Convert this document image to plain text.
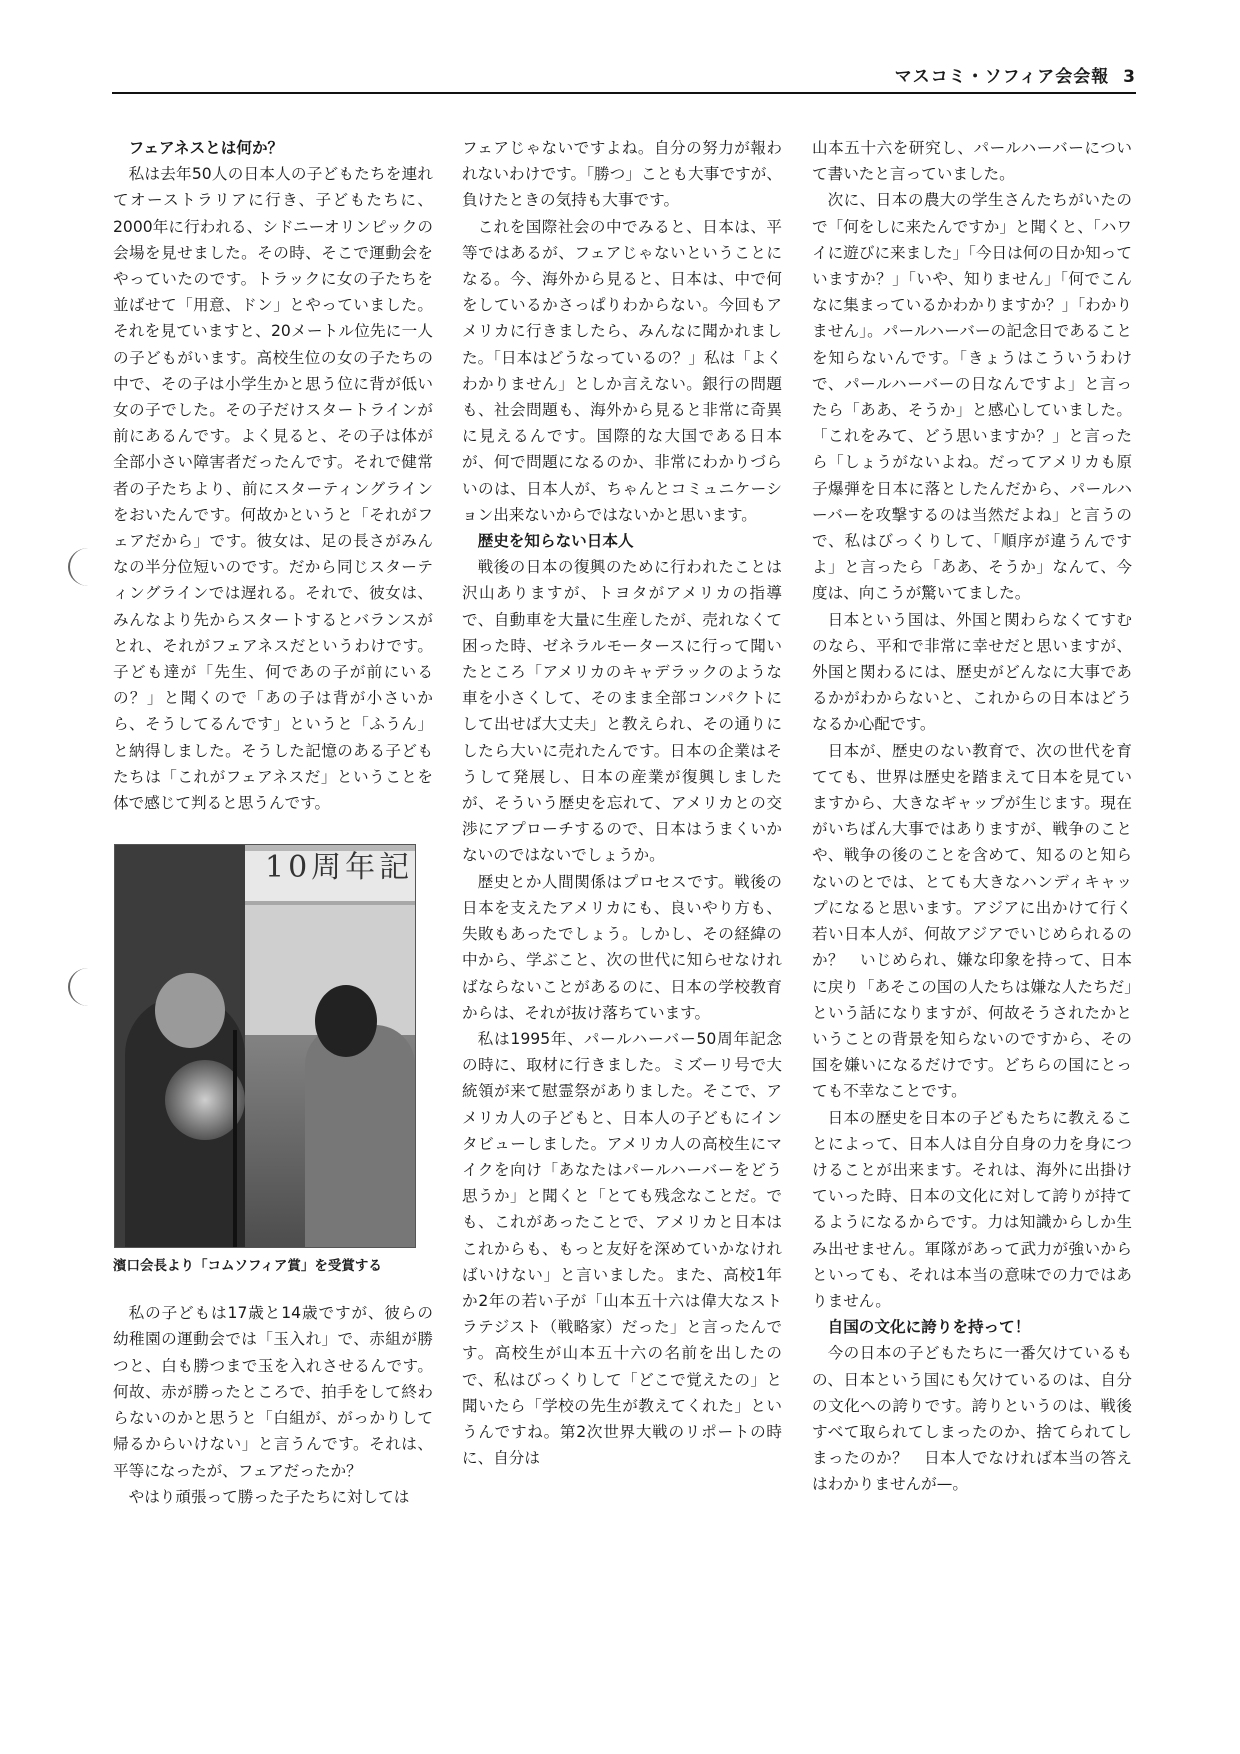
マスコミ・ソフィア会会報 3
フェアネスとは何か？

私は去年50人の日本人の子どもたちを連れてオーストラリアに行き、子どもたちに、2000年に行われる、シドニーオリンピックの会場を見せました。その時、そこで運動会をやっていたのです。トラックに女の子たちを並ばせて「用意、ドン」とやっていました。それを見ていますと、20メートル位先に一人の子どもがいます。高校生位の女の子たちの中で、その子は小学生かと思う位に背が低い女の子でした。その子だけスタートラインが前にあるんです。よく見ると、その子は体が全部小さい障害者だったんです。それで健常者の子たちより、前にスターティングラインをおいたんです。何故かというと「それがフェアだから」です。彼女は、足の長さがみんなの半分位短いのです。だから同じスターティングラインでは遅れる。それで、彼女は、みんなより先からスタートするとバランスがとれ、それがフェアネスだというわけです。子ども達が「先生、何であの子が前にいるの？」と聞くので「あの子は背が小さいから、そうしてるんです」というと「ふうん」と納得しました。そうした記憶のある子どもたちは「これがフェアネスだ」ということを体で感じて判ると思うんです。

10周年記
濱口会長より「コムソフィア賞」を受賞する

私の子どもは17歳と14歳ですが、彼らの幼稚園の運動会では「玉入れ」で、赤組が勝つと、白も勝つまで玉を入れさせるんです。何故、赤が勝ったところで、拍手をして終わらないのかと思うと「白組が、がっかりして帰るからいけない」と言うんです。それは、平等になったが、フェアだったか？

やはり頑張って勝った子たちに対しては

フェアじゃないですよね。自分の努力が報われないわけです。「勝つ」ことも大事ですが、負けたときの気持も大事です。

これを国際社会の中でみると、日本は、平等ではあるが、フェアじゃないということになる。今、海外から見ると、日本は、中で何をしているかさっぱりわからない。今回もアメリカに行きましたら、みんなに聞かれました。「日本はどうなっているの？」私は「よくわかりません」としか言えない。銀行の問題も、社会問題も、海外から見ると非常に奇異に見えるんです。国際的な大国である日本が、何で問題になるのか、非常にわかりづらいのは、日本人が、ちゃんとコミュニケーション出来ないからではないかと思います。

歴史を知らない日本人

戦後の日本の復興のために行われたことは沢山ありますが、トヨタがアメリカの指導で、自動車を大量に生産したが、売れなくて困った時、ゼネラルモータースに行って聞いたところ「アメリカのキャデラックのような車を小さくして、そのまま全部コンパクトにして出せば大丈夫」と教えられ、その通りにしたら大いに売れたんです。日本の企業はそうして発展し、日本の産業が復興しましたが、そういう歴史を忘れて、アメリカとの交渉にアプローチするので、日本はうまくいかないのではないでしょうか。

歴史とか人間関係はプロセスです。戦後の日本を支えたアメリカにも、良いやり方も、失敗もあったでしょう。しかし、その経緯の中から、学ぶこと、次の世代に知らせなければならないことがあるのに、日本の学校教育からは、それが抜け落ちています。

私は1995年、パールハーバー50周年記念の時に、取材に行きました。ミズーリ号で大統領が来て慰霊祭がありました。そこで、アメリカ人の子どもと、日本人の子どもにインタビューしました。アメリカ人の高校生にマイクを向け「あなたはパールハーバーをどう思うか」と聞くと「とても残念なことだ。でも、これがあったことで、アメリカと日本はこれからも、もっと友好を深めていかなければいけない」と言いました。また、高校1年か2年の若い子が「山本五十六は偉大なストラテジスト（戦略家）だった」と言ったんです。高校生が山本五十六の名前を出したので、私はびっくりして「どこで覚えたの」と聞いたら「学校の先生が教えてくれた」というんですね。第2次世界大戦のリポートの時に、自分は

山本五十六を研究し、パールハーバーについて書いたと言っていました。

次に、日本の農大の学生さんたちがいたので「何をしに来たんですか」と聞くと、「ハワイに遊びに来ました」「今日は何の日か知っていますか？」「いや、知りません」「何でこんなに集まっているかわかりますか？」「わかりません」。パールハーバーの記念日であることを知らないんです。「きょうはこういうわけで、パールハーバーの日なんですよ」と言ったら「ああ、そうか」と感心していました。「これをみて、どう思いますか？」と言ったら「しょうがないよね。だってアメリカも原子爆弾を日本に落としたんだから、パールハーバーを攻撃するのは当然だよね」と言うので、私はびっくりして、「順序が違うんですよ」と言ったら「ああ、そうか」なんて、今度は、向こうが驚いてました。

日本という国は、外国と関わらなくてすむのなら、平和で非常に幸せだと思いますが、外国と関わるには、歴史がどんなに大事であるかがわからないと、これからの日本はどうなるか心配です。

日本が、歴史のない教育で、次の世代を育てても、世界は歴史を踏まえて日本を見ていますから、大きなギャップが生じます。現在がいちばん大事ではありますが、戦争のことや、戦争の後のことを含めて、知るのと知らないのとでは、とても大きなハンディキャップになると思います。アジアに出かけて行く若い日本人が、何故アジアでいじめられるのか？　いじめられ、嫌な印象を持って、日本に戻り「あそこの国の人たちは嫌な人たちだ」という話になりますが、何故そうされたかということの背景を知らないのですから、その国を嫌いになるだけです。どちらの国にとっても不幸なことです。

日本の歴史を日本の子どもたちに教えることによって、日本人は自分自身の力を身につけることが出来ます。それは、海外に出掛けていった時、日本の文化に対して誇りが持てるようになるからです。力は知識からしか生み出せません。軍隊があって武力が強いからといっても、それは本当の意味での力ではありません。

自国の文化に誇りを持って！

今の日本の子どもたちに一番欠けているもの、日本という国にも欠けているのは、自分の文化への誇りです。誇りというのは、戦後すべて取られてしまったのか、捨てられてしまったのか？　日本人でなければ本当の答えはわかりませんが—。
